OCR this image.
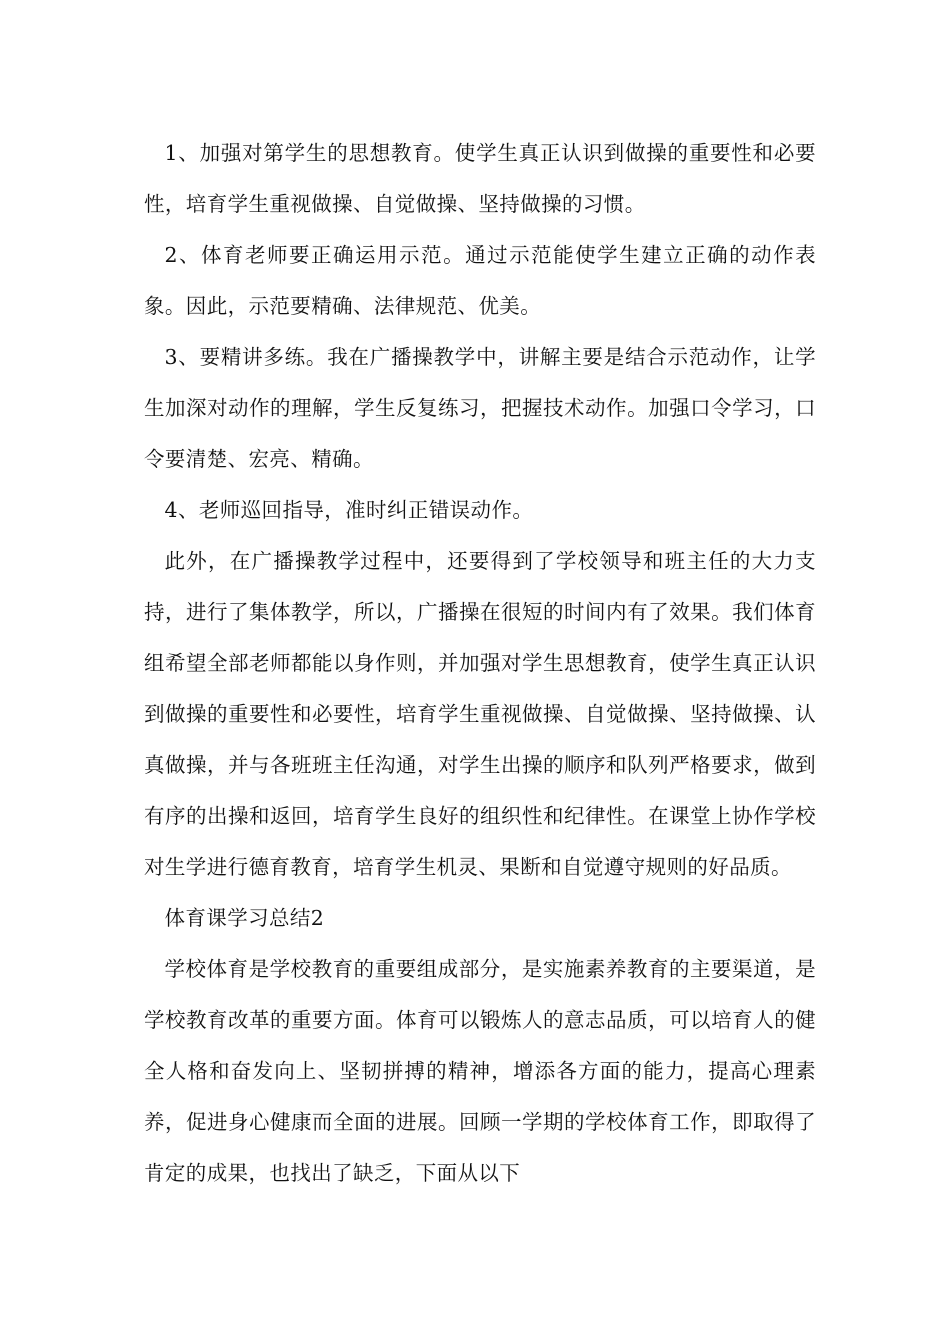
1、加强对第学生的思想教育。使学生真正认识到做操的重要性和必要性，培育学生重视做操、自觉做操、坚持做操的习惯。

2、体育老师要正确运用示范。通过示范能使学生建立正确的动作表象。因此，示范要精确、法律规范、优美。

3、要精讲多练。我在广播操教学中，讲解主要是结合示范动作，让学生加深对动作的理解，学生反复练习，把握技术动作。加强口令学习，口令要清楚、宏亮、精确。

4、老师巡回指导，准时纠正错误动作。

此外，在广播操教学过程中，还要得到了学校领导和班主任的大力支持，进行了集体教学，所以，广播操在很短的时间内有了效果。我们体育组希望全部老师都能以身作则，并加强对学生思想教育，使学生真正认识到做操的重要性和必要性，培育学生重视做操、自觉做操、坚持做操、认真做操，并与各班班主任沟通，对学生出操的顺序和队列严格要求，做到有序的出操和返回，培育学生良好的组织性和纪律性。在课堂上协作学校对生学进行德育教育，培育学生机灵、果断和自觉遵守规则的好品质。

体育课学习总结2

学校体育是学校教育的重要组成部分，是实施素养教育的主要渠道，是学校教育改革的重要方面。体育可以锻炼人的意志品质，可以培育人的健全人格和奋发向上、坚韧拼搏的精神，增添各方面的能力，提高心理素养，促进身心健康而全面的进展。回顾一学期的学校体育工作，即取得了肯定的成果，也找出了缺乏，下面从以下
